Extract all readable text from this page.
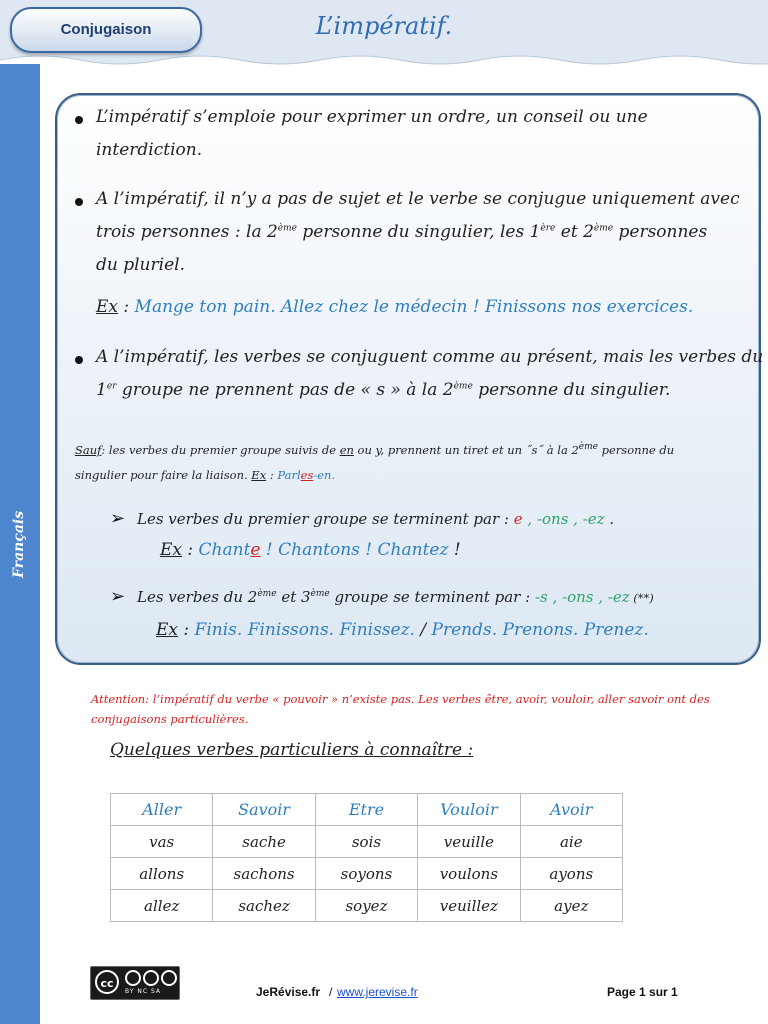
Conjugaison	L’impératif.
Français
L’impératif s’emploie pour exprimer un ordre, un conseil ou une
interdiction.
A l’impératif, il n’y a pas de sujet et le verbe se conjugue uniquement avec
trois personnes : la 2ème personne du singulier, les 1ère et 2ème personnes
du pluriel.
Ex : Mange ton pain. Allez chez le médecin ! Finissons nos exercices.
A l’impératif, les verbes se conjuguent comme au présent, mais les verbes du
1er groupe ne prennent pas de « s » à la 2ème personne du singulier.
Sauf: les verbes du premier groupe suivis de en ou y, prennent un tiret et un ˝s˝ à la 2ème personne du
singulier pour faire la liaison. Ex : Parles-en.
➢ Les verbes du premier groupe se terminent par : e , -ons , -ez .
Ex : Chante ! Chantons ! Chantez !
➢ Les verbes du 2ème et 3ème groupe se terminent par : -s , -ons , -ez (**)
Ex : Finis. Finissons. Finissez. / Prends. Prenons. Prenez.
Attention: l’impératif du verbe « pouvoir » n’existe pas. Les verbes être, avoir, vouloir, aller savoir ont des
conjugaisons particulières.
Quelques verbes particuliers à connaître :
Aller	Savoir	Etre	Vouloir	Avoir
vas	sache	sois	veuille	aie
allons	sachons	soyons	voulons	ayons
allez	sachez	soyez	veuillez	ayez
cc
BY NC SA	JeRévise.fr / www.jerevise.fr	Page 1 sur 1
